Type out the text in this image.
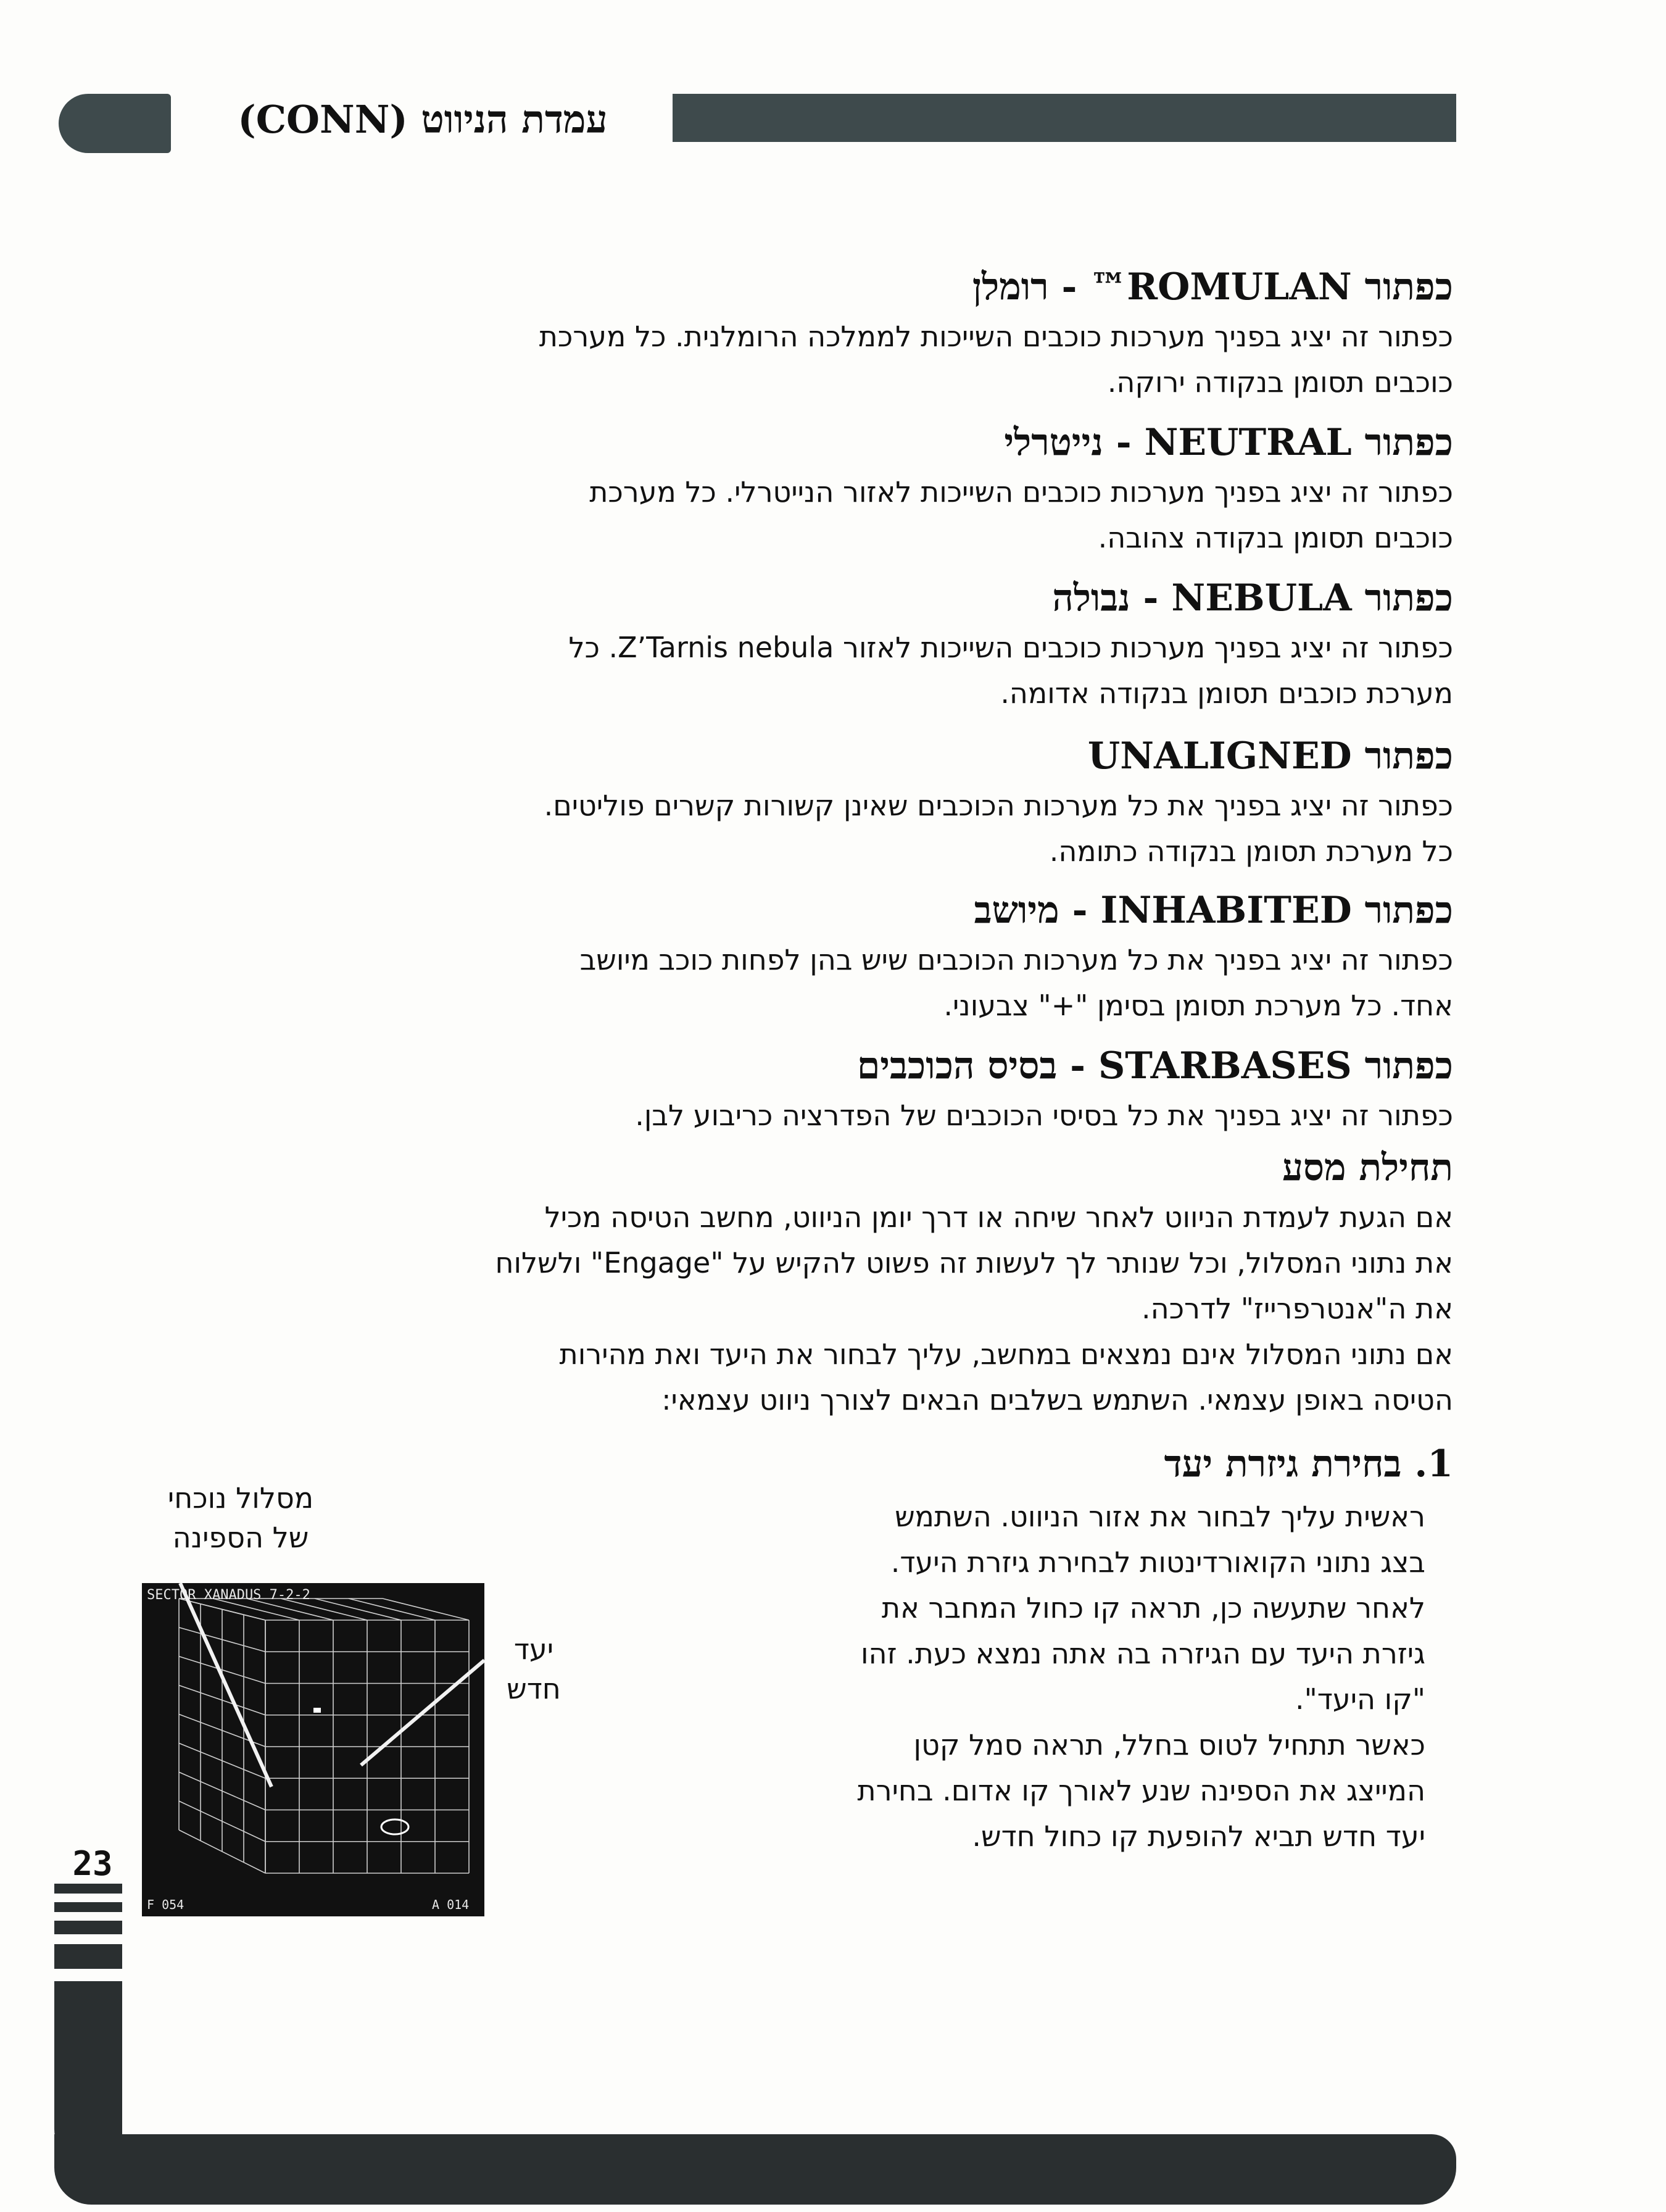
עמדת הניווט (CONN)
כפתור ROMULAN™ - רומלן
כפתור זה יציג בפניך מערכות כוכבים השייכות לממלכה הרומלנית. כל מערכת
כוכבים תסומן בנקודה ירוקה.
כפתור NEUTRAL - נייטרלי
כפתור זה יציג בפניך מערכות כוכבים השייכות לאזור הנייטרלי. כל מערכת
כוכבים תסומן בנקודה צהובה.
כפתור NEBULA - נבולה
כפתור זה יציג בפניך מערכות כוכבים השייכות לאזור Z’Tarnis nebula. כל
מערכת כוכבים תסומן בנקודה אדומה.
כפתור UNALIGNED
כפתור זה יציג בפניך את כל מערכות הכוכבים שאינן קשורות קשרים פוליטים.
כל מערכת תסומן בנקודה כתומה.
כפתור INHABITED - מיושב
כפתור זה יציג בפניך את כל מערכות הכוכבים שיש בהן לפחות כוכב מיושב
אחד. כל מערכת תסומן בסימן "+" צבעוני.
כפתור STARBASES - בסיס הכוכבים
כפתור זה יציג בפניך את כל בסיסי הכוכבים של הפדרציה כריבוע לבן.
תחילת מסע
אם הגעת לעמדת הניווט לאחר שיחה או דרך יומן הניווט, מחשב הטיסה מכיל
את נתוני המסלול, וכל שנותר לך לעשות זה פשוט להקיש על "Engage" ולשלוח
את ה"אנטרפרייז" לדרכה.
אם נתוני המסלול אינם נמצאים במחשב, עליך לבחור את היעד ואת מהירות
הטיסה באופן עצמאי. השתמש בשלבים הבאים לצורך ניווט עצמאי:
1. בחירת גיזרת יעד
ראשית עליך לבחור את אזור הניווט. השתמש
בצג נתוני הקואורדינטות לבחירת גיזרת היעד.
לאחר שתעשה כן, תראה קו כחול המחבר את
גיזרת היעד עם הגיזרה בה אתה נמצא כעת. זהו
"קו היעד".
כאשר תתחיל לטוס בחלל, תראה סמל קטן
המייצג את הספינה שנע לאורך קו אדום. בחירת
יעד חדש תביא להופעת קו כחול חדש.
מסלול נוכחי
של הספינה
יעד
חדש
SECTOR XANADUS 7-2-2
F 054	A 014
23
